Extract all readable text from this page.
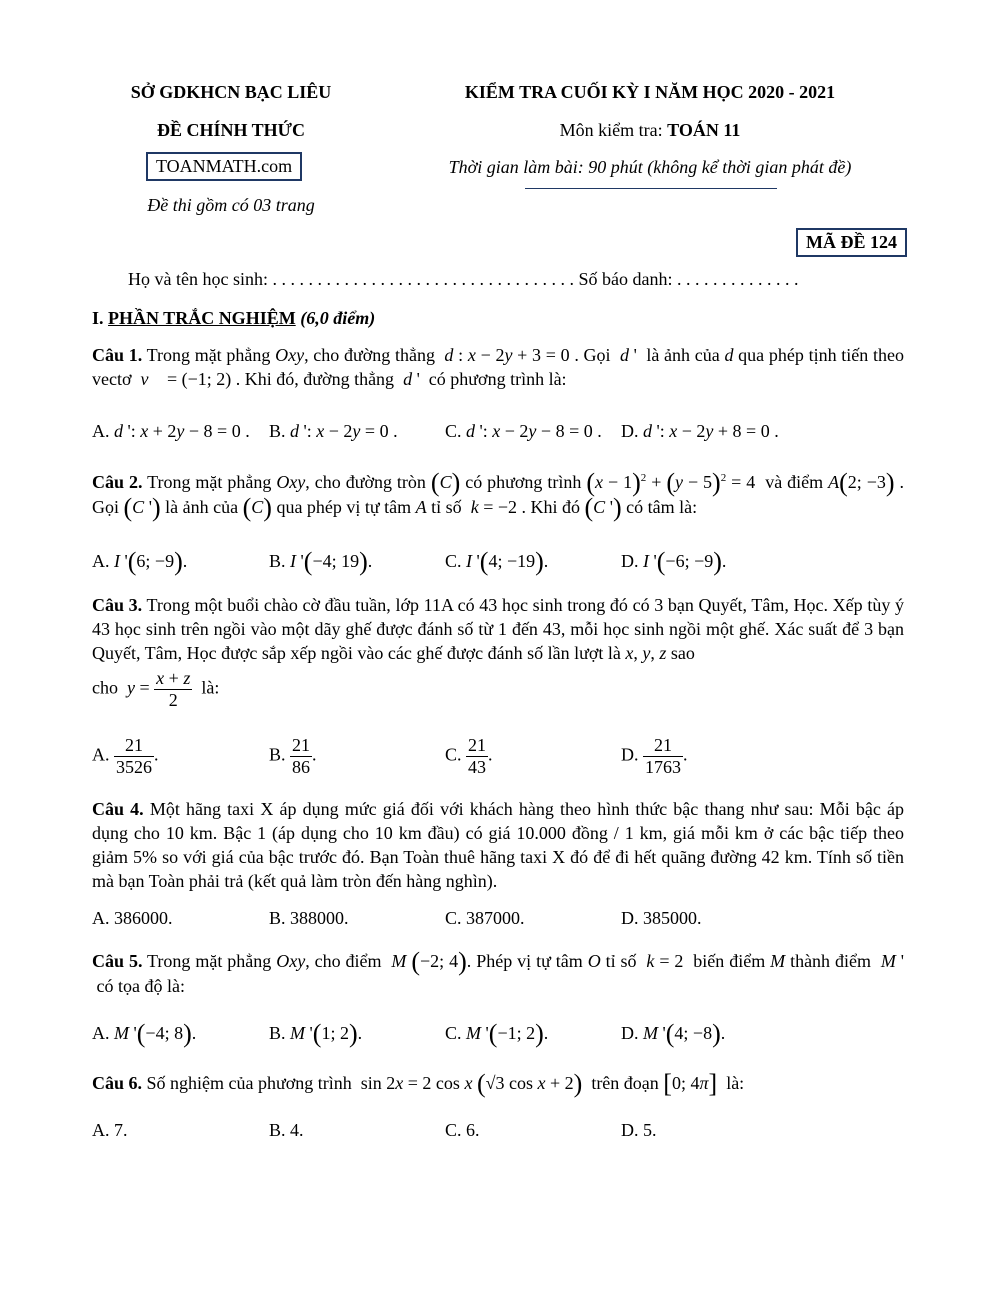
SỞ GDKHCN BẠC LIÊU
ĐỀ CHÍNH THỨC
TOANMATH.com
Đề thi gồm có 03 trang
KIỂM TRA CUỐI KỲ I NĂM HỌC 2020 - 2021
Môn kiểm tra: TOÁN 11
Thời gian làm bài: 90 phút (không kể thời gian phát đề)
MÃ ĐỀ 124
Họ và tên học sinh: . . . . . . . . . . . . . . . . . . . . . . . . . . . . . . . . . . Số báo danh: . . . . . . . . . . . . . .
I. PHẦN TRẮC NGHIỆM (6,0 điểm)
Câu 1. Trong mặt phẳng Oxy, cho đường thẳng  d : x − 2y + 3 = 0 . Gọi  d '  là ảnh của d qua phép tịnh tiến theo vectơ  v⃗ = (−1; 2) . Khi đó, đường thẳng  d '  có phương trình là:
A. d ': x + 2y − 8 = 0 . B. d ': x − 2y = 0 .	C. d ': x − 2y − 8 = 0 . D. d ': x − 2y + 8 = 0 .
Câu 2. Trong mặt phẳng Oxy, cho đường tròn (C) có phương trình $(x - 1)^2 + (y - 5)^2 = 4$  và điểm A(2; −3) . Gọi (C ') là ảnh của (C) qua phép vị tự tâm A tỉ số  k = −2 . Khi đó (C ') có tâm là:
A. I '(6; −9).	B. I '(−4; 19).	C. I '(4; −19).	D. I '(−6; −9).
Câu 3. Trong một buổi chào cờ đầu tuần, lớp 11A có 43 học sinh trong đó có 3 bạn Quyết, Tâm, Học. Xếp tùy ý 43 học sinh trên ngồi vào một dãy ghế được đánh số từ 1 đến 43, mỗi học sinh ngồi một ghế. Xác suất để 3 bạn Quyết, Tâm, Học được sắp xếp ngồi vào các ghế được đánh số lần lượt là x, y, z sao
cho  $y = \frac{x + z}{2}$ là:
A. $\frac{21}{3526}$ .	B. $\frac{21}{86}$ .	C. $\frac{21}{43}$ .	D. $\frac{21}{1763}$ .
Câu 4. Một hãng taxi X áp dụng mức giá đối với khách hàng theo hình thức bậc thang như sau: Mỗi bậc áp dụng cho 10 km. Bậc 1 (áp dụng cho 10 km đầu) có giá 10.000 đồng / 1 km, giá mỗi km ở các bậc tiếp theo giảm 5% so với giá của bậc trước đó. Bạn Toàn thuê hãng taxi X đó để đi hết quãng đường 42 km. Tính số tiền mà bạn Toàn phải trả (kết quả làm tròn đến hàng nghìn).
A. 386000.	B. 388000.	C. 387000.	D. 385000.
Câu 5. Trong mặt phẳng Oxy, cho điểm  M (−2; 4). Phép vị tự tâm O tỉ số  k = 2  biến điểm M thành điểm  M '  có tọa độ là:
A. M '(−4; 8).	B. M '(1; 2).	C. M '(−1; 2).	D. M '(4; −8).
Câu 6. Số nghiệm của phương trình  sin 2x = 2 cos x (√3 cos x + 2)  trên đoạn [0; 4π]  là:
A. 7.	B. 4.	C. 6.	D. 5.
